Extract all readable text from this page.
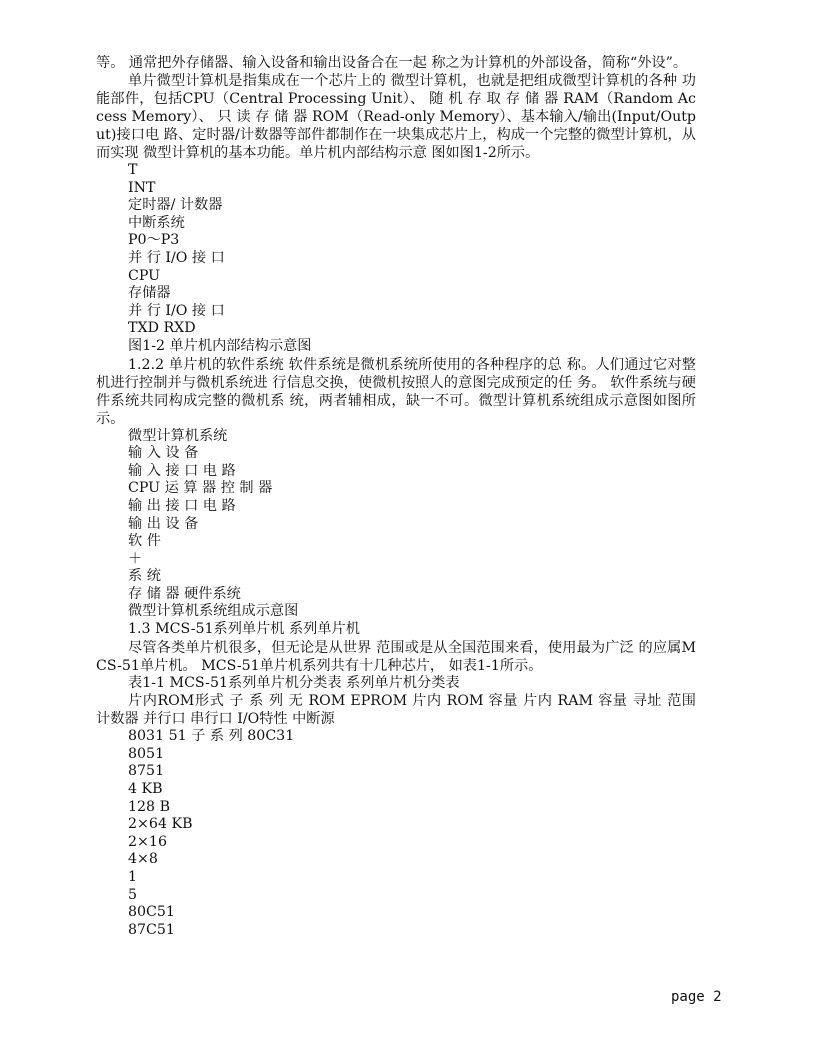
等。 通常把外存储器、输入设备和输出设备合在一起 称之为计算机的外部设备，简称“外设”。

单片微型计算机是指集成在一个芯片上的 微型计算机，也就是把组成微型计算机的各种 功能部件，包括CPU（Central Processing Unit）、 随 机 存 取 存 储 器 RAM（Random Access Memory）、 只 读 存 储 器 ROM（Read-only Memory）、基本输入/输出(Input/Output)接口电 路、定时器/计数器等部件都制作在一块集成芯片上，构成一个完整的微型计算机，从而实现 微型计算机的基本功能。单片机内部结构示意 图如图1-2所示。

T
INT
定时器/ 计数器
中断系统
P0～P3
并 行 I/O 接 口
CPU
存储器
并 行 I/O 接 口
TXD RXD
图1-2 单片机内部结构示意图

1.2.2 单片机的软件系统 软件系统是微机系统所使用的各种程序的总 称。人们通过它对整机进行控制并与微机系统进 行信息交换，使微机按照人的意图完成预定的任 务。 软件系统与硬件系统共同构成完整的微机系 统，两者辅相成，缺一不可。微型计算机系统组成示意图如图所示。

微型计算机系统
输 入 设 备
输 入 接 口 电 路
CPU 运 算 器 控 制 器
输 出 接 口 电 路
输 出 设 备
软 件
＋
系 统
存 储 器 硬件系统
微型计算机系统组成示意图
1.3 MCS-51系列单片机 系列单片机

尽管各类单片机很多，但无论是从世界 范围或是从全国范围来看，使用最为广泛 的应属MCS-51单片机。 MCS-51单片机系列共有十几种芯片， 如表1-1所示。

表1-1 MCS-51系列单片机分类表 系列单片机分类表

片内ROM形式 子 系 列 无 ROM EPROM 片内 ROM 容量 片内 RAM 容量 寻址 范围 计数器 并行口 串行口 I/O特性 中断源

8031 51 子 系 列 80C31
8051
8751
4 KB
128 B
2×64 KB
2×16
4×8
1
5
80C51
87C51
page 2
